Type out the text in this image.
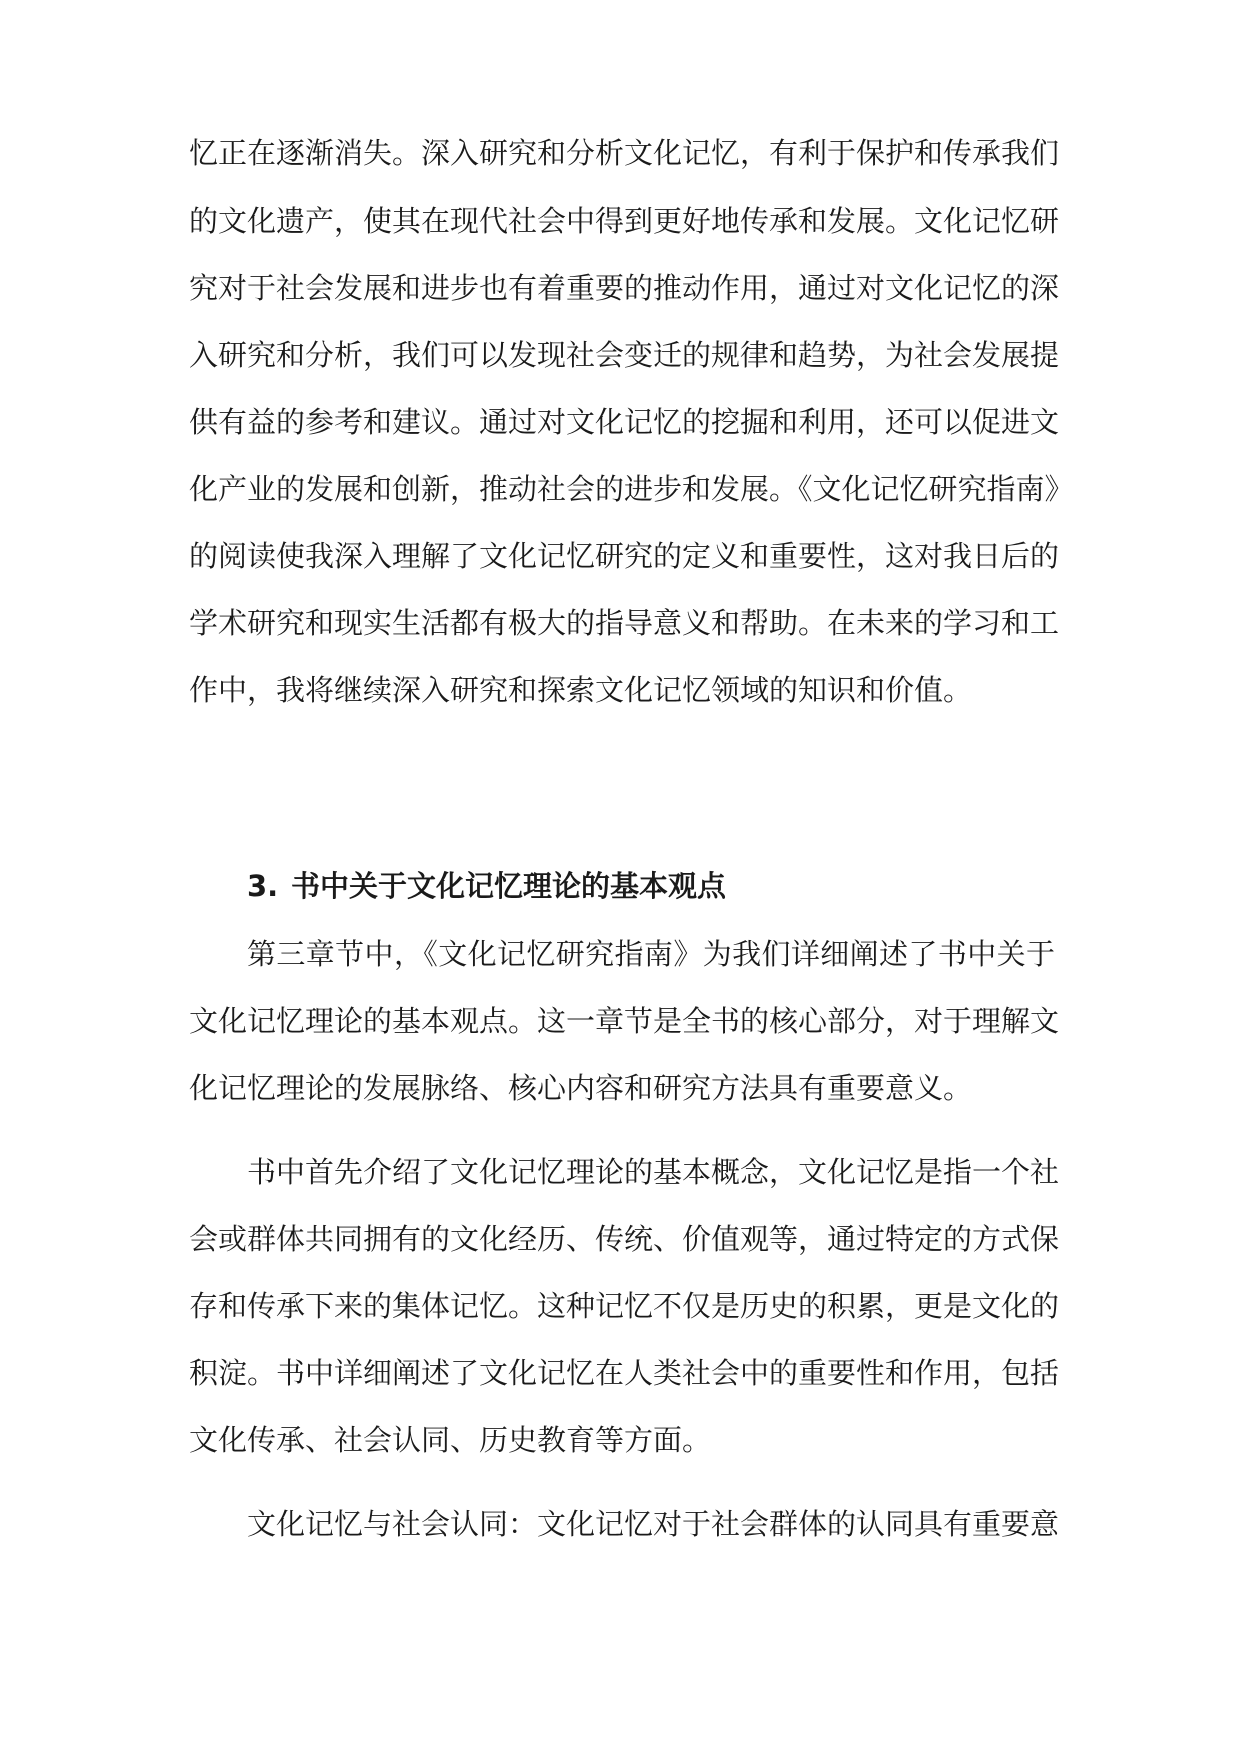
忆正在逐渐消失。深入研究和分析文化记忆，有利于保护和传承我们
的文化遗产，使其在现代社会中得到更好地传承和发展。文化记忆研
究对于社会发展和进步也有着重要的推动作用，通过对文化记忆的深
入研究和分析，我们可以发现社会变迁的规律和趋势，为社会发展提
供有益的参考和建议。通过对文化记忆的挖掘和利用，还可以促进文
化产业的发展和创新，推动社会的进步和发展。《文化记忆研究指南》
的阅读使我深入理解了文化记忆研究的定义和重要性，这对我日后的
学术研究和现实生活都有极大的指导意义和帮助。在未来的学习和工
作中，我将继续深入研究和探索文化记忆领域的知识和价值。
3. 书中关于文化记忆理论的基本观点
第三章节中，《文化记忆研究指南》为我们详细阐述了书中关于
文化记忆理论的基本观点。这一章节是全书的核心部分，对于理解文
化记忆理论的发展脉络、核心内容和研究方法具有重要意义。
书中首先介绍了文化记忆理论的基本概念，文化记忆是指一个社
会或群体共同拥有的文化经历、传统、价值观等，通过特定的方式保
存和传承下来的集体记忆。这种记忆不仅是历史的积累，更是文化的
积淀。书中详细阐述了文化记忆在人类社会中的重要性和作用，包括
文化传承、社会认同、历史教育等方面。
文化记忆与社会认同：文化记忆对于社会群体的认同具有重要意
